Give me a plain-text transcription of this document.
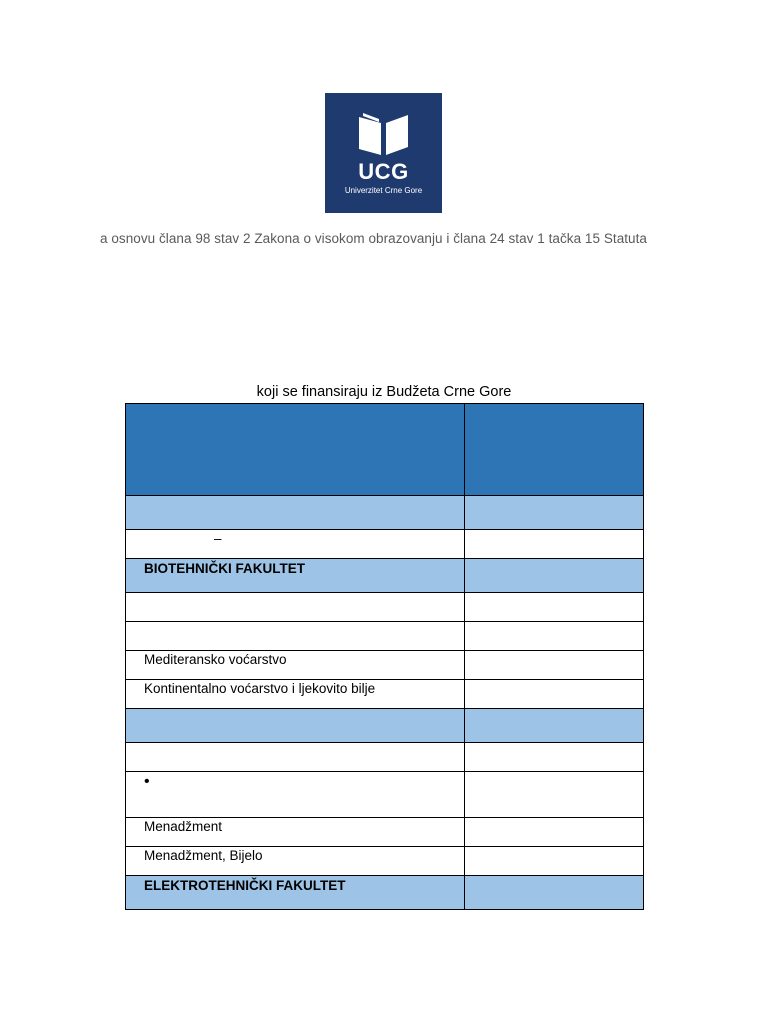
UCG
Univerzitet Crne Gore
a osnovu člana 98 stav 2 Zakona o visokom obrazovanju i člana 24 stav 1 tačka 15 Statuta
koji se finansiraju iz Budžeta Crne Gore

–	
BIOTEHNIČKI FAKULTET	

Mediteransko voćarstvo	
Kontinentalno voćarstvo i ljekovito bilje	

•	
Menadžment	
Menadžment, Bijelo	
ELEKTROTEHNIČKI FAKULTET	
